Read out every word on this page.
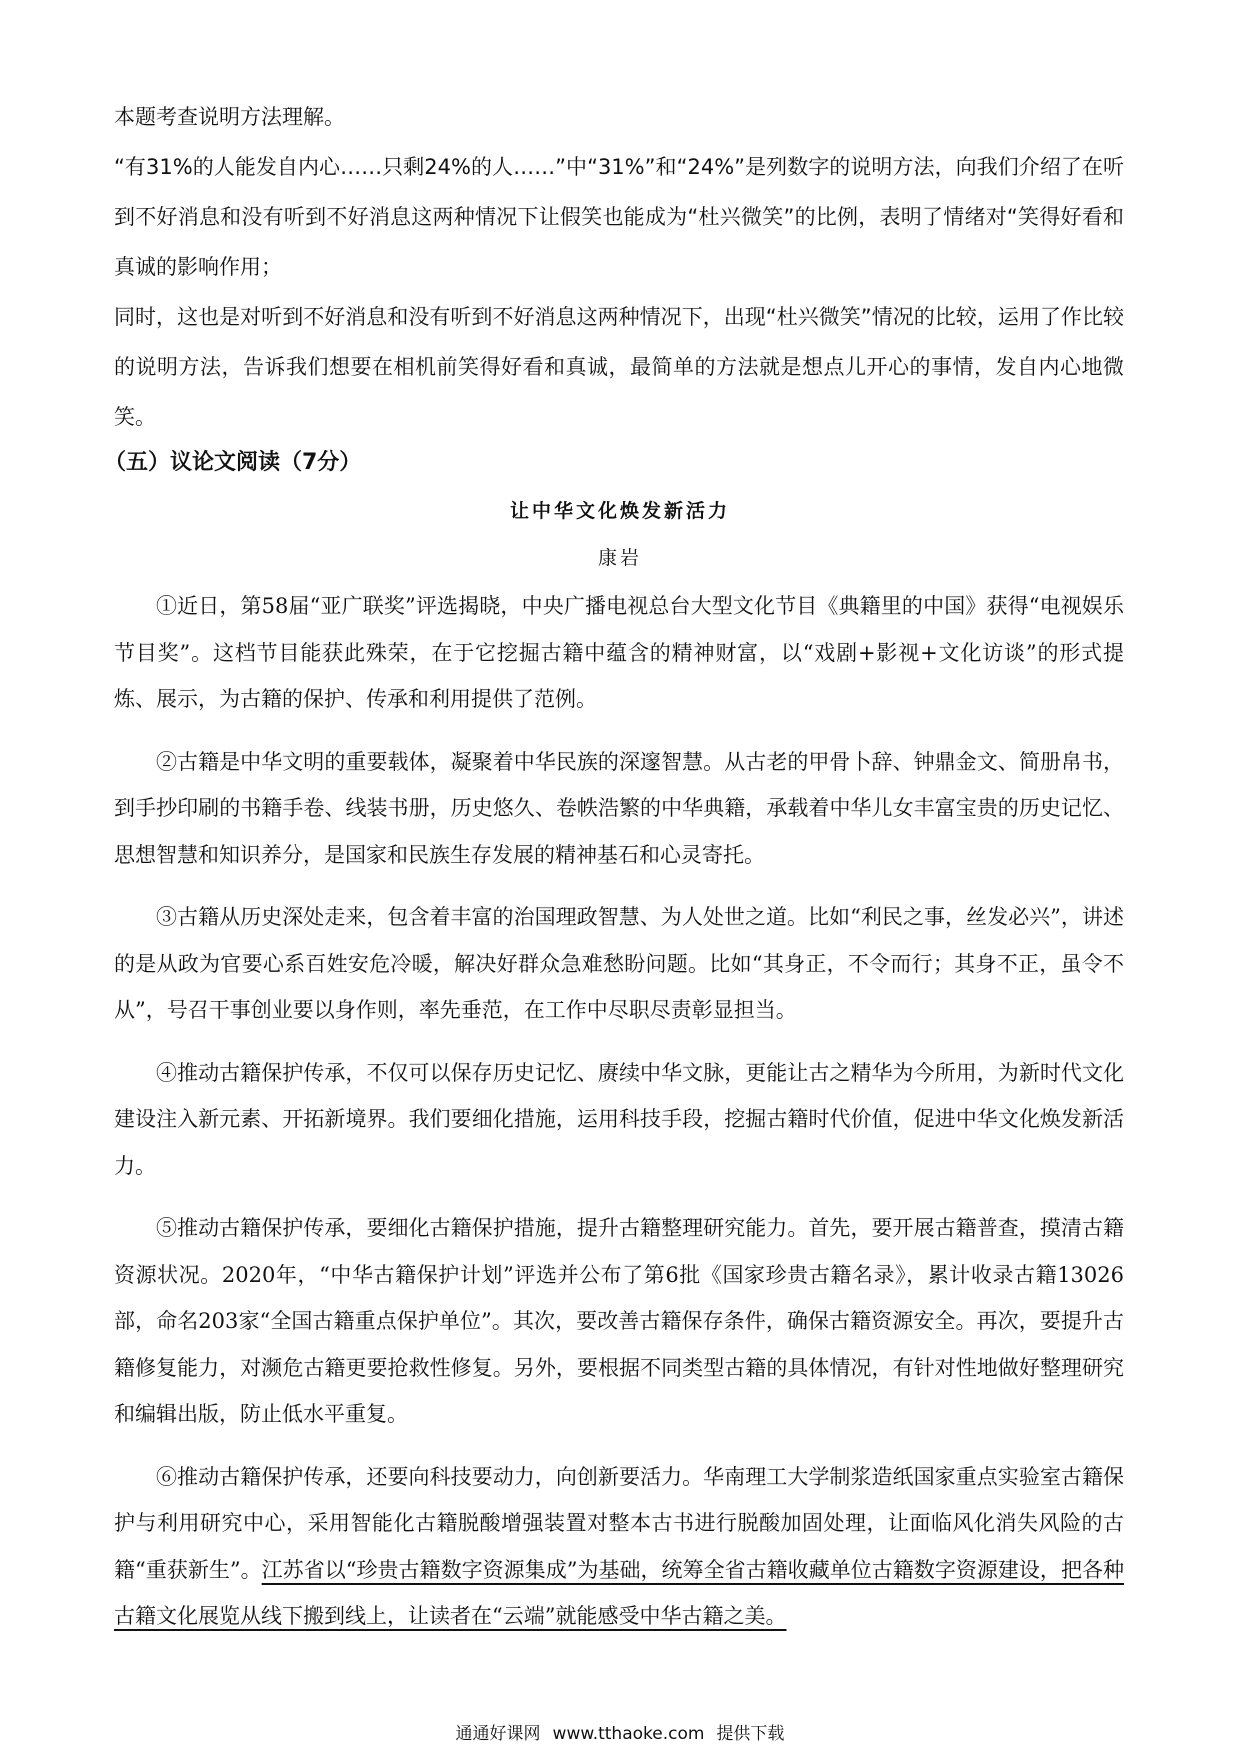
本题考查说明方法理解。

“有31%的人能发自内心……只剩24%的人……”中“31%”和“24%”是列数字的说明方法，向我们介绍了在听到不好消息和没有听到不好消息这两种情况下让假笑也能成为“杜兴微笑”的比例，表明了情绪对“笑得好看和真诚的影响作用；

同时，这也是对听到不好消息和没有听到不好消息这两种情况下，出现“杜兴微笑”情况的比较，运用了作比较的说明方法，告诉我们想要在相机前笑得好看和真诚，最简单的方法就是想点儿开心的事情，发自内心地微笑。

（五）议论文阅读（7分）
让中华文化焕发新活力
康岩

①近日，第58届“亚广联奖”评选揭晓，中央广播电视总台大型文化节目《典籍里的中国》获得“电视娱乐节目奖”。这档节目能获此殊荣，在于它挖掘古籍中蕴含的精神财富，以“戏剧+影视+文化访谈”的形式提炼、展示，为古籍的保护、传承和利用提供了范例。

②古籍是中华文明的重要载体，凝聚着中华民族的深邃智慧。从古老的甲骨卜辞、钟鼎金文、简册帛书，到手抄印刷的书籍手卷、线装书册，历史悠久、卷帙浩繁的中华典籍，承载着中华儿女丰富宝贵的历史记忆、思想智慧和知识养分，是国家和民族生存发展的精神基石和心灵寄托。

③古籍从历史深处走来，包含着丰富的治国理政智慧、为人处世之道。比如“利民之事，丝发必兴”，讲述的是从政为官要心系百姓安危冷暖，解决好群众急难愁盼问题。比如“其身正，不令而行；其身不正，虽令不从”，号召干事创业要以身作则，率先垂范，在工作中尽职尽责彰显担当。

④推动古籍保护传承，不仅可以保存历史记忆、赓续中华文脉，更能让古之精华为今所用，为新时代文化建设注入新元素、开拓新境界。我们要细化措施，运用科技手段，挖掘古籍时代价值，促进中华文化焕发新活力。

⑤推动古籍保护传承，要细化古籍保护措施，提升古籍整理研究能力。首先，要开展古籍普查，摸清古籍资源状况。2020年，“中华古籍保护计划”评选并公布了第6批《国家珍贵古籍名录》，累计收录古籍13026部，命名203家“全国古籍重点保护单位”。其次，要改善古籍保存条件，确保古籍资源安全。再次，要提升古籍修复能力，对濒危古籍更要抢救性修复。另外，要根据不同类型古籍的具体情况，有针对性地做好整理研究和编辑出版，防止低水平重复。

⑥推动古籍保护传承，还要向科技要动力，向创新要活力。华南理工大学制浆造纸国家重点实验室古籍保护与利用研究中心，采用智能化古籍脱酸增强装置对整本古书进行脱酸加固处理，让面临风化消失风险的古籍“重获新生”。江苏省以“珍贵古籍数字资源集成”为基础，统筹全省古籍收藏单位古籍数字资源建设，把各种古籍文化展览从线下搬到线上，让读者在“云端”就能感受中华古籍之美。

通通好课网 www.tthaoke.com 提供下载
